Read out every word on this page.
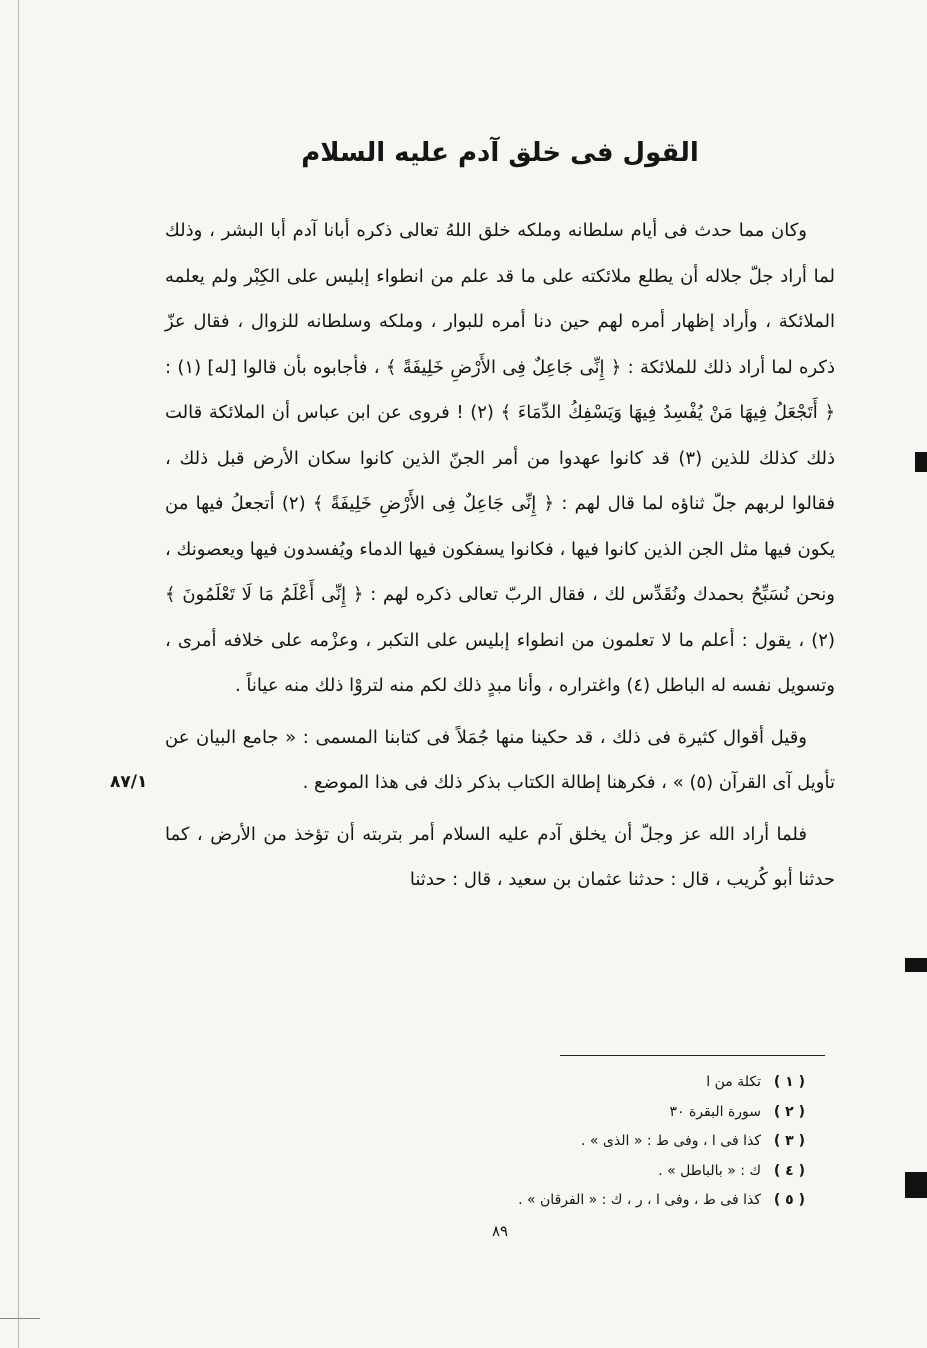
القول فى خلق آدم عليه السلام

وكان مما حدث فى أيام سلطانه وملكه خلق اللهُ تعالى ذكره أبانا آدم أبا البشر ، وذلك لما أراد جلّ جلاله أن يطلع ملائكته على ما قد علم من انطواء إبليس على الكِبْر ولم يعلمه الملائكة ، وأراد إظهار أمره لهم حين دنا أمره للبوار ، وملكه وسلطانه للزوال ، فقال عزّ ذكره لما أراد ذلك للملائكة : ﴿ إِنِّى جَاعِلٌ فِى الأَرْضِ خَلِيفَةً ﴾ ، فأجابوه بأن قالوا [له] (١) : ﴿ أَتَجْعَلُ فِيهَا مَنْ يُفْسِدُ فِيهَا وَيَسْفِكُ الدِّمَاءَ ﴾ (٢) ! فروى عن ابن عباس أن الملائكة قالت ذلك كذلك للذين (٣) قد كانوا عهدوا من أمر الجنّ الذين كانوا سكان الأرض قبل ذلك ، فقالوا لربهم جلّ ثناؤه لما قال لهم : ﴿ إِنِّى جَاعِلٌ فِى الأَرْضِ خَلِيفَةً ﴾ (٢) أتجعلُ فيها من يكون فيها مثل الجن الذين كانوا فيها ، فكانوا يسفكون فيها الدماء ويُفسدون فيها ويعصونك ، ونحن نُسَبِّحُ بحمدك ونُقَدِّس لك ، فقال الربّ تعالى ذكره لهم : ﴿ إِنِّى أَعْلَمُ مَا لَا تَعْلَمُونَ ﴾ (٢) ، يقول : أعلم ما لا تعلمون من انطواء إبليس على التكبر ، وعزْمه على خلافه أمرى ، وتسويل نفسه له الباطل (٤) واغتراره ، وأنا مبدٍ ذلك لكم منه لتروْا ذلك منه عياناً .

وقيل أقوال كثيرة فى ذلك ، قد حكينا منها جُمَلاً فى كتابنا المسمى : « جامع البيان عن تأويل آى القرآن (٥) » ، فكرهنا إطالة الكتاب بذكر ذلك فى هذا الموضع .

فلما أراد الله عز وجلّ أن يخلق آدم عليه السلام أمر بتربته أن تؤخذ من الأرض ، كما حدثنا أبو كُريب ، قال : حدثنا عثمان بن سعيد ، قال : حدثنا

( ١ )تكلة من ا
( ٢ )سورة البقرة ٣٠
( ٣ )كذا فى ا ، وفى ط : « الذى » .
( ٤ )ك : « بالباطل » .
( ٥ )كذا فى ط ، وفى ا ، ر ، ك : « الفرقان » .
٨٩
٨٧/١
